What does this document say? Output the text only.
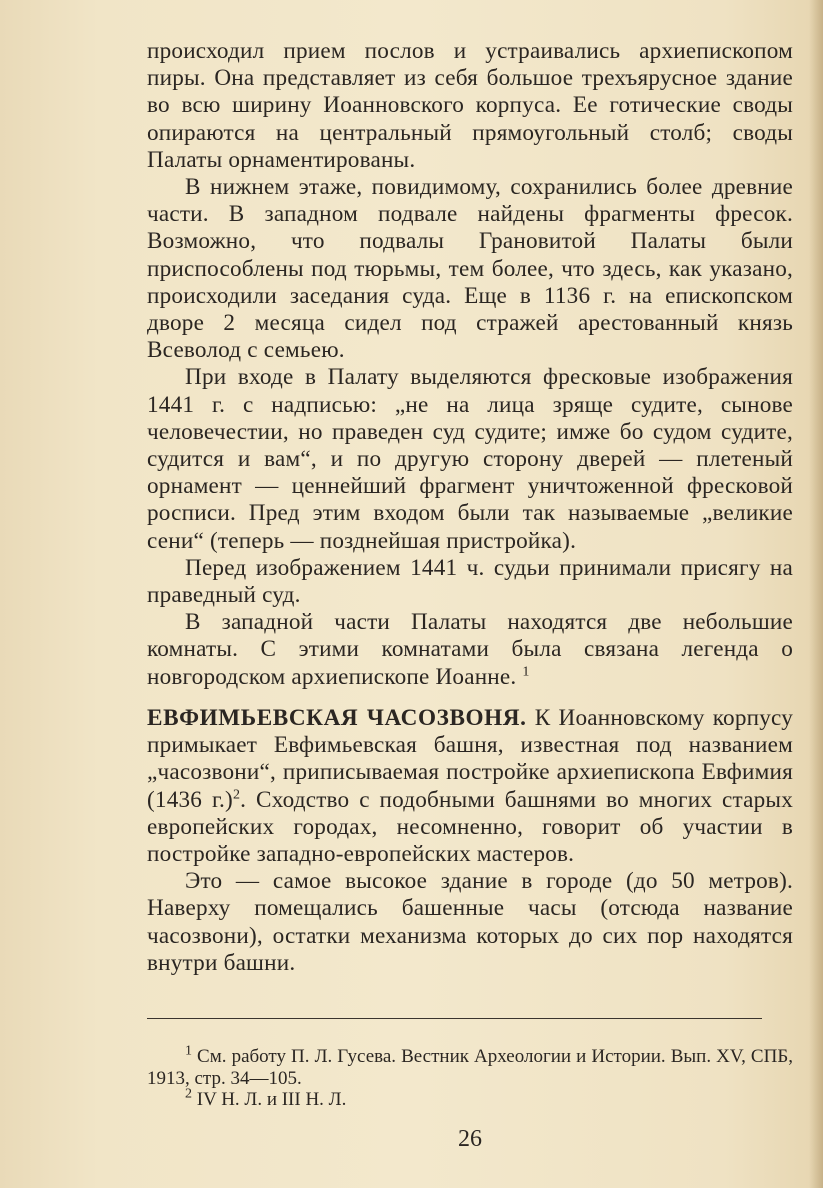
происходил прием послов и устраивались архиепископом пиры. Она представляет из себя большое трехъярусное здание во всю ширину Иоанновского корпуса. Ее готические своды опираются на центральный прямоугольный столб; своды Палаты орнаментированы.

В нижнем этаже, повидимому, сохранились более древние части. В западном подвале найдены фрагменты фресок. Возможно, что подвалы Грановитой Палаты были приспособлены под тюрьмы, тем более, что здесь, как указано, происходили заседания суда. Еще в 1136 г. на епископском дворе 2 месяца сидел под стражей арестованный князь Всеволод с семьею.

При входе в Палату выделяются фресковые изображения 1441 г. с надписью: „не на лица зряще судите, сынове человечестии, но праведен суд судите; имже бо судом судите, судится и вам“, и по другую сторону дверей — плетеный орнамент — ценнейший фрагмент уничтоженной фресковой росписи. Пред этим входом были так называемые „великие сени“ (теперь — позднейшая пристройка).

Перед изображением 1441 ч. судьи принимали присягу на праведный суд.

В западной части Палаты находятся две небольшие комнаты. С этими комнатами была связана легенда о новгородском архиепископе Иоанне. $^1$

ЕВФИМЬЕВСКАЯ ЧАСОЗВОНЯ. К Иоанновскому корпусу примыкает Евфимьевская башня, известная под названием „часозвони“, приписываемая постройке архиепископа Евфимия (1436 г.)$^2$. Сходство с подобными башнями во многих старых европейских городах, несомненно, говорит об участии в постройке западно-европейских мастеров.

Это — самое высокое здание в городе (до 50 метров). Наверху помещались башенные часы (отсюда название часозвони), остатки механизма которых до сих пор находятся внутри башни.

$^1$ См. работу П. Л. Гусева. Вестник Археологии и Истории. Вып. XV, СПБ, 1913, стр. 34—105.

$^2$ IV Н. Л. и III Н. Л.

26
